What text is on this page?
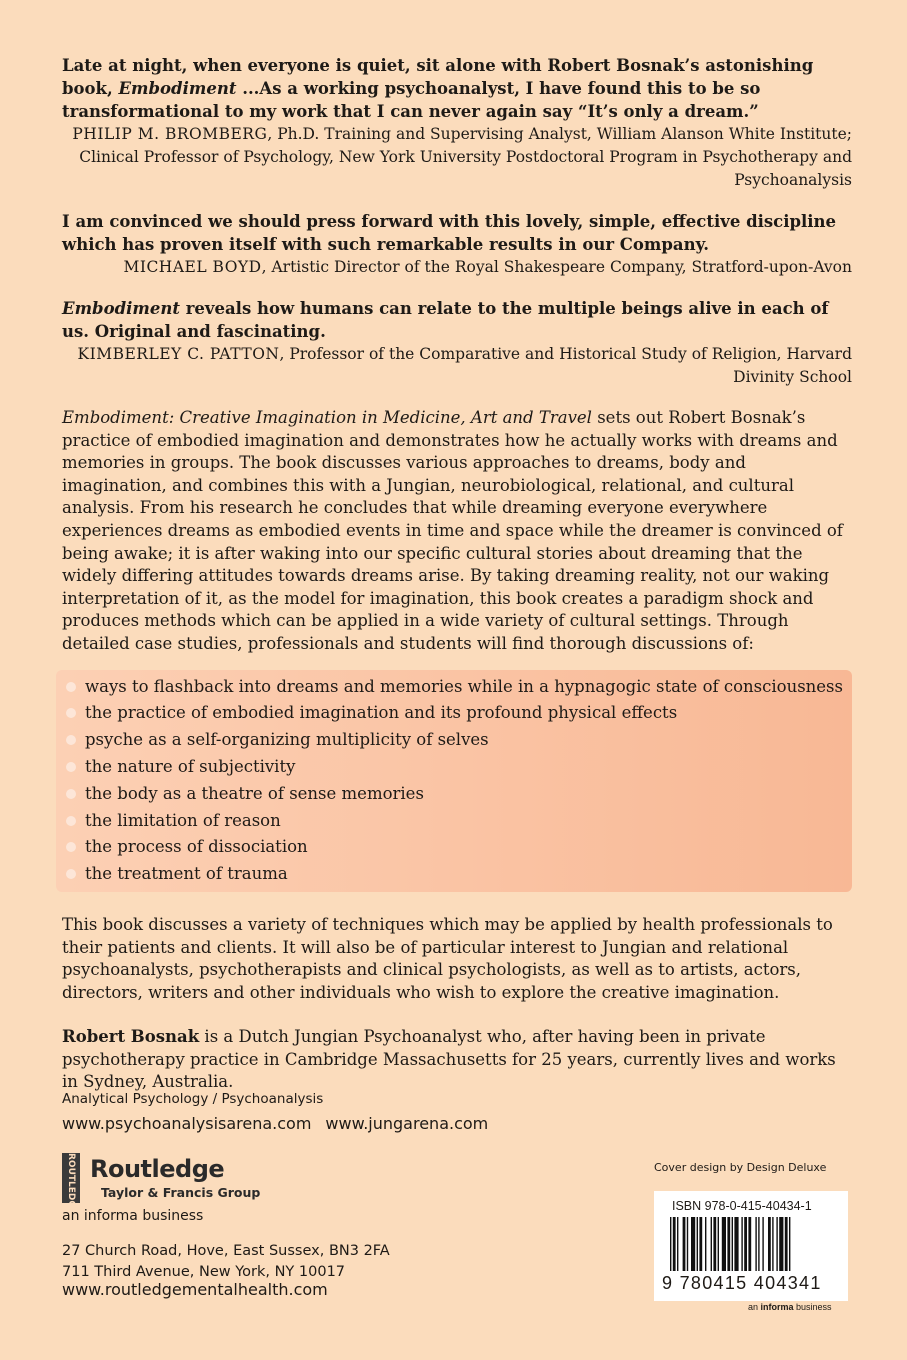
Late at night, when everyone is quiet, sit alone with Robert Bosnak’s astonishing book, Embodiment ...As a working psychoanalyst, I have found this to be so transformational to my work that I can never again say “It’s only a dream.”

PHILIP M. BROMBERG, Ph.D. Training and Supervising Analyst, William Alanson White Institute; Clinical Professor of Psychology, New York University Postdoctoral Program in Psychotherapy and Psychoanalysis

I am convinced we should press forward with this lovely, simple, effective discipline which has proven itself with such remarkable results in our Company.

MICHAEL BOYD, Artistic Director of the Royal Shakespeare Company, Stratford-upon-Avon

Embodiment reveals how humans can relate to the multiple beings alive in each of us. Original and fascinating.

KIMBERLEY C. PATTON, Professor of the Comparative and Historical Study of Religion, Harvard Divinity School

Embodiment: Creative Imagination in Medicine, Art and Travel sets out Robert Bosnak’s practice of embodied imagination and demonstrates how he actually works with dreams and memories in groups. The book discusses various approaches to dreams, body and imagination, and combines this with a Jungian, neurobiological, relational, and cultural analysis. From his research he concludes that while dreaming everyone everywhere experiences dreams as embodied events in time and space while the dreamer is convinced of being awake; it is after waking into our specific cultural stories about dreaming that the widely differing attitudes towards dreams arise. By taking dreaming reality, not our waking interpretation of it, as the model for imagination, this book creates a paradigm shock and produces methods which can be applied in a wide variety of cultural settings. Through detailed case studies, professionals and students will find thorough discussions of:

ways to flashback into dreams and memories while in a hypnagogic state of consciousness
the practice of embodied imagination and its profound physical effects
psyche as a self-organizing multiplicity of selves
the nature of subjectivity
the body as a theatre of sense memories
the limitation of reason
the process of dissociation
the treatment of trauma

This book discusses a variety of techniques which may be applied by health professionals to their patients and clients. It will also be of particular interest to Jungian and relational psychoanalysts, psychotherapists and clinical psychologists, as well as to artists, actors, directors, writers and other individuals who wish to explore the creative imagination.

Robert Bosnak is a Dutch Jungian Psychoanalyst who, after having been in private psychotherapy practice in Cambridge Massachusetts for 25 years, currently lives and works in Sydney, Australia.

Analytical Psychology / Psychoanalysis
www.psychoanalysisarena.com www.jungarena.com
ROUTLEDGE Routledge
Taylor & Francis Group
an informa business
27 Church Road, Hove, East Sussex, BN3 2FA
711 Third Avenue, New York, NY 10017
www.routledgementalhealth.com
Cover design by Design Deluxe
ISBN 978-0-415-40434-1
9 780415 404341
an informa business
